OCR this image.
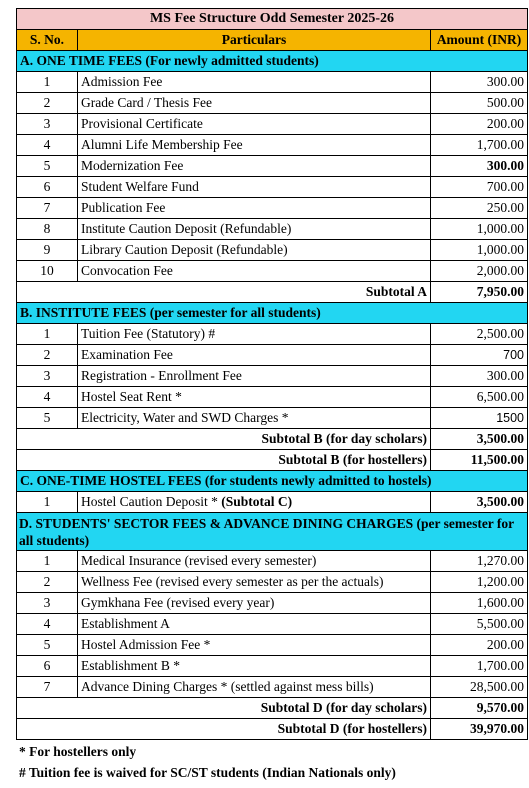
MS Fee Structure Odd Semester 2025-26		
S. No.	Particulars	Amount (INR)
A. ONE TIME FEES (For newly admitted students)		
1	Admission Fee	300.00
2	Grade Card / Thesis Fee	500.00
3	Provisional Certificate	200.00
4	Alumni Life Membership Fee	1,700.00
5	Modernization Fee	300.00
6	Student Welfare Fund	700.00
7	Publication Fee	250.00
8	Institute Caution Deposit (Refundable)	1,000.00
9	Library Caution Deposit (Refundable)	1,000.00
10	Convocation Fee	2,000.00
Subtotal A		7,950.00
B. INSTITUTE FEES (per semester for all students)		
1	Tuition Fee (Statutory) #	2,500.00
2	Examination Fee	700
3	Registration - Enrollment Fee	300.00
4	Hostel Seat Rent *	6,500.00
5	Electricity, Water and SWD Charges *	1500
Subtotal B (for day scholars)		3,500.00
Subtotal B (for hostellers)		11,500.00
C. ONE-TIME HOSTEL FEES (for students newly admitted to hostels)		
1	Hostel Caution Deposit * (Subtotal C)	3,500.00
D. STUDENTS' SECTOR FEES & ADVANCE DINING CHARGES (per semester for all students)		
1	Medical Insurance (revised every semester)	1,270.00
2	Wellness Fee (revised every semester as per the actuals)	1,200.00
3	Gymkhana Fee (revised every year)	1,600.00
4	Establishment A	5,500.00
5	Hostel Admission Fee *	200.00
6	Establishment B *	1,700.00
7	Advance Dining Charges * (settled against mess bills)	28,500.00
Subtotal D (for day scholars)		9,570.00
Subtotal D (for hostellers)		39,970.00
* For hostellers only
# Tuition fee is waived for SC/ST students (Indian Nationals only)
